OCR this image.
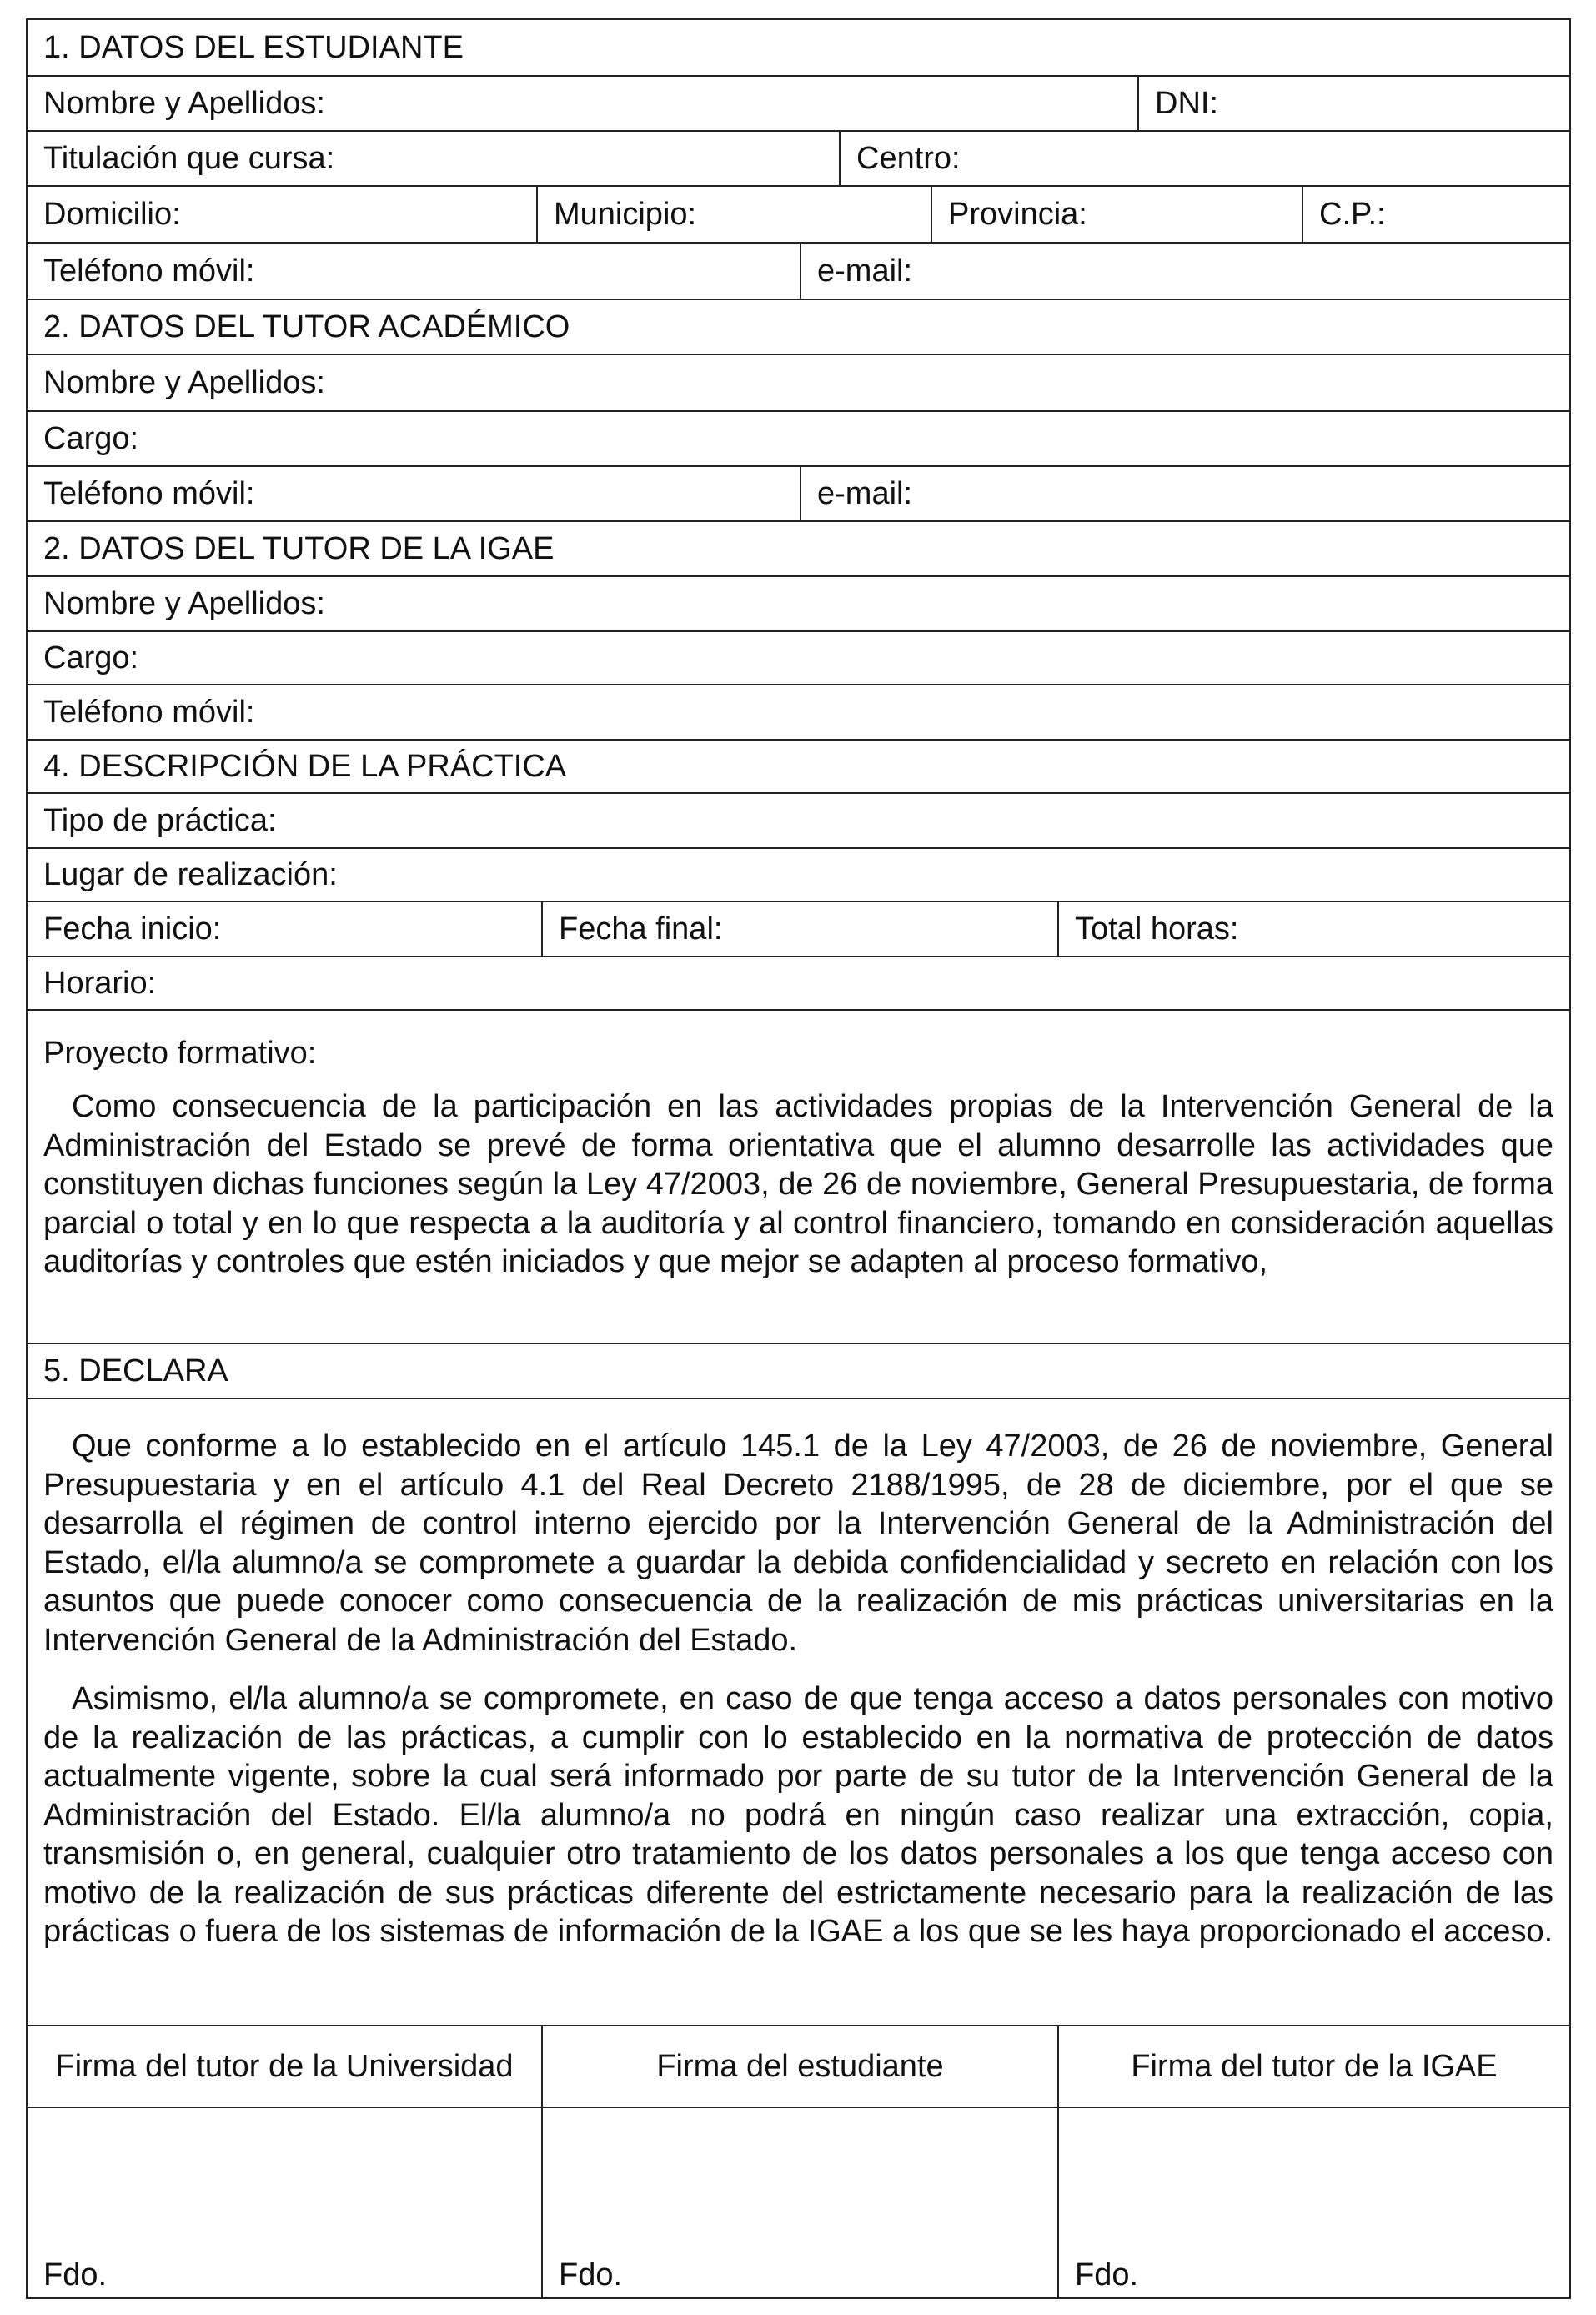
1. DATOS DEL ESTUDIANTE
Nombre y Apellidos:	DNI:
Titulación que cursa:	Centro:
Domicilio:	Municipio:	Provincia:	C.P.:
Teléfono móvil:	e-mail:
2. DATOS DEL TUTOR ACADÉMICO
Nombre y Apellidos:
Cargo:
Teléfono móvil:	e-mail:
2. DATOS DEL TUTOR DE LA IGAE
Nombre y Apellidos:
Cargo:
Teléfono móvil:
4. DESCRIPCIÓN DE LA PRÁCTICA
Tipo de práctica:
Lugar de realización:
Fecha inicio:	Fecha final:	Total horas:
Horario:
Proyecto formativo:

Como consecuencia de la participación en las actividades propias de la Intervención General de la Administración del Estado se prevé de forma orientativa que el alumno desarrolle las actividades que constituyen dichas funciones según la Ley 47/2003, de 26 de noviembre, General Presupuestaria, de forma parcial o total y en lo que respecta a la auditoría y al control financiero, tomando en consideración aquellas auditorías y controles que estén iniciados y que mejor se adapten al proceso formativo,

5. DECLARA

Que conforme a lo establecido en el artículo 145.1 de la Ley 47/2003, de 26 de noviembre, General Presupuestaria y en el artículo 4.1 del Real Decreto 2188/1995, de 28 de diciembre, por el que se desarrolla el régimen de control interno ejercido por la Intervención General de la Administración del Estado, el/la alumno/a se compromete a guardar la debida confidencialidad y secreto en relación con los asuntos que puede conocer como consecuencia de la realización de mis prácticas universitarias en la Intervención General de la Administración del Estado.

Asimismo, el/la alumno/a se compromete, en caso de que tenga acceso a datos personales con motivo de la realización de las prácticas, a cumplir con lo establecido en la normativa de protección de datos actualmente vigente, sobre la cual será informado por parte de su tutor de la Intervención General de la Administración del Estado. El/la alumno/a no podrá en ningún caso realizar una extracción, copia, transmisión o, en general, cualquier otro tratamiento de los datos personales a los que tenga acceso con motivo de la realización de sus prácticas diferente del estrictamente necesario para la realización de las prácticas o fuera de los sistemas de información de la IGAE a los que se les haya proporcionado el acceso.

Firma del tutor de la Universidad	Firma del estudiante	Firma del tutor de la IGAE
Fdo.	Fdo.	Fdo.
